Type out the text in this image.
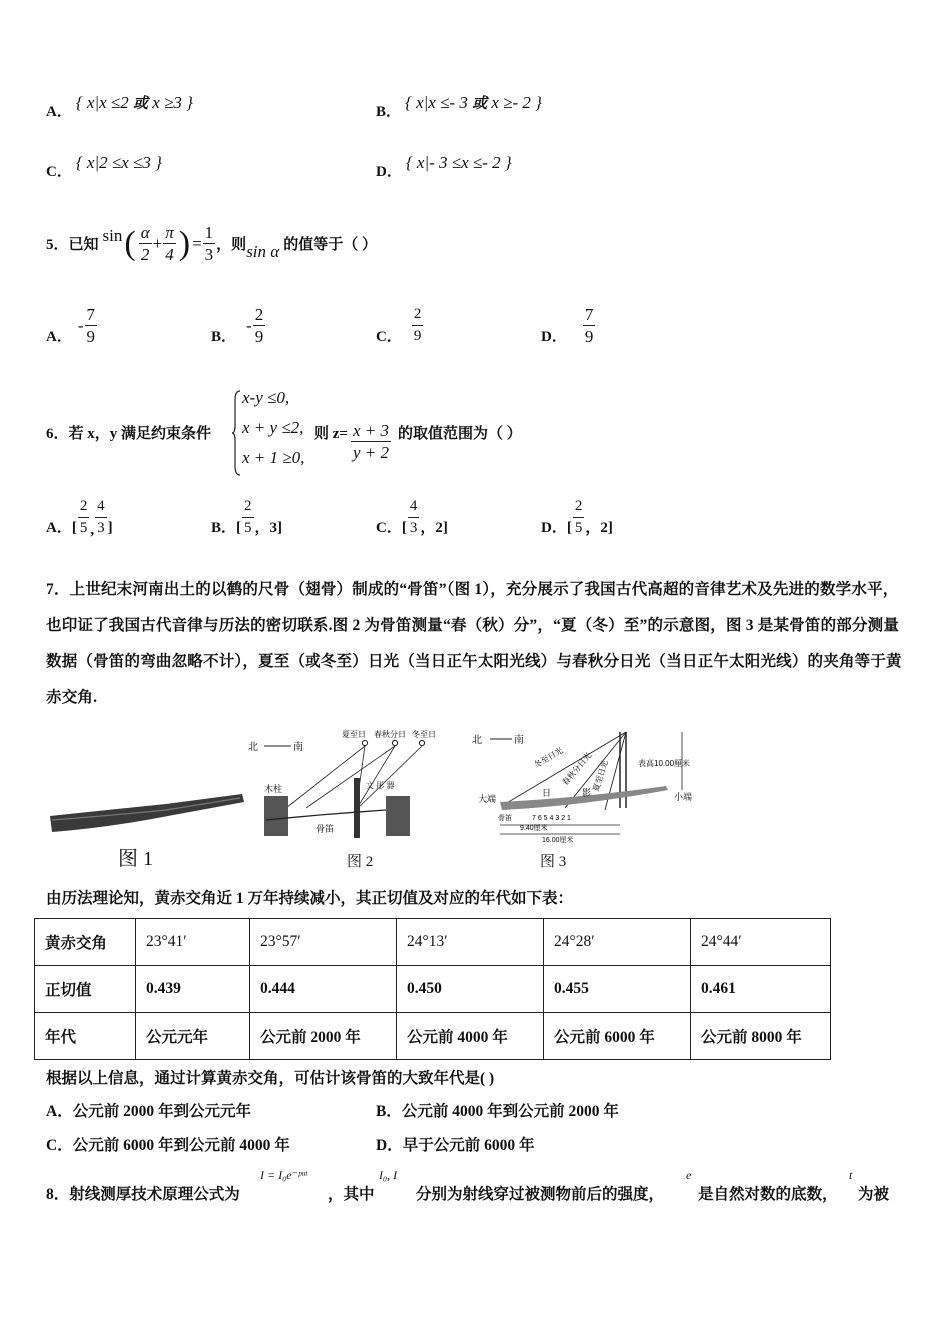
A． { x|x ≤2 或 x ≥3 }	B． { x|x ≤- 3 或 x ≥- 2 }
C． { x|2 ≤x ≤3 }	D． { x|- 3 ≤x ≤- 2 }
5．已知
sin ( $\frac{\alpha}{2} + \frac{\pi}{4}$ ) = $\frac{1}{3}$ ，则 sin α 的值等于（ ）
A．
- $\frac{7}{9}$	B．
- $\frac{2}{9}$	C． $\frac{2}{9}$	D． $\frac{7}{9}$
6．若 x，y 满足约束条件
x-y ≤0,
x + y ≤2,
x + 1 ≥0,
则 $z= \frac{x + 3}{y + 2}$ 的取值范围为（ ）
A．[ $\frac{2}{5}$ , $\frac{4}{3}$ ]	B．[ $\frac{2}{5}$ ，3]	C．[ $\frac{4}{3}$ ，2]	D．[ $\frac{2}{5}$ ，2]
7．上世纪末河南出土的以鹤的尺骨（翅骨）制成的“骨笛”（图 1），充分展示了我国古代高超的音律艺术及先进的数学水平，也印证了我国古代音律与历法的密切联系.图 2 为骨笛测量“春（秋）分”，“夏（冬）至”的示意图，图 3 是某骨笛的部分测量数据（骨笛的弯曲忽略不计），夏至（或冬至）日光（当日正午太阳光线）与春秋分日光（当日正午太阳光线）的夹角等于黄赤交角.
图 1
北	南
夏至日 春秋分日 冬至日
木柱	文 彤 器
骨笛
图 2
北	南
冬至日光
春秋分日光
夏至日光	表高10.00厘米
大端	小端
日	影
骨笛	7 6 5 4 3 2 1
9.40厘米
16.00厘米
图 3
由历法理论知，黄赤交角近 1 万年持续减小，其正切值及对应的年代如下表：
黄赤交角	23°41′	23°57′	24°13′	24°28′	24°44′
正切值	0.439	0.444	0.450	0.455	0.461
年代	公元元年	公元前 2000 年	公元前 4000 年	公元前 6000 年	公元前 8000 年
根据以上信息，通过计算黄赤交角，可估计该骨笛的大致年代是( )
A．公元前 2000 年到公元元年	B．公元前 4000 年到公元前 2000 年
C．公元前 6000 年到公元前 4000 年	D．早于公元前 6000 年
8．射线测厚技术原理公式为
I = I₀e⁻ᵖᵘᵗ
，其中
I₀, I
分别为射线穿过被测物前后的强度，
e
是自然对数的底数，
t
为被
